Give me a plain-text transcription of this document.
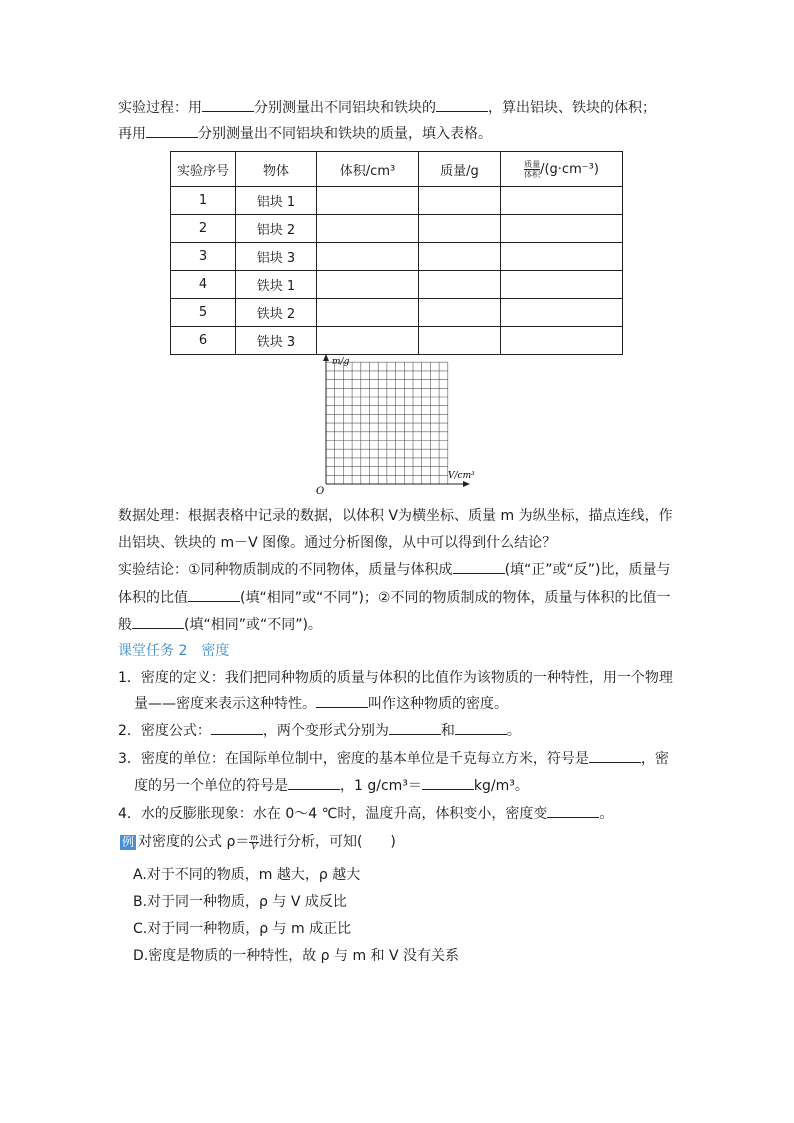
实验过程：用	分别测量出不同铝块和铁块的	，算出铝块、铁块的体积；
再用	分别测量出不同铝块和铁块的质量，填入表格。
实验序号	物体	体积/cm³	质量/g	$\frac{\text{质量}}{\text{体积}} /(g\cdot cm^{-3})$
1	铝块 1			
2	铝块 2			
3	铝块 3			
4	铁块 1			
5	铁块 2			
6	铁块 3			
m/g
V/cm³
O
数据处理：根据表格中记录的数据，以体积 V为横坐标、质量 m 为纵坐标，描点连线，作
出铝块、铁块的 m－V 图像。通过分析图像，从中可以得到什么结论？
实验结论：①同种物质制成的不同物体，质量与体积成	(填“正”或“反”)比，质量与
体积的比值	(填“相同”或“不同”)；②不同的物质制成的物体，质量与体积的比值一
般	(填“相同”或“不同”)。
课堂任务 2　密度
1．密度的定义：我们把同种物质的质量与体积的比值作为该物质的一种特性，用一个物理
量——密度来表示这种特性。	叫作这种物质的密度。
2．密度公式：	，两个变形式分别为	和	。
3．密度的单位：在国际单位制中，密度的基本单位是千克每立方米，符号是	，密
度的另一个单位的符号是	，1 g/cm³＝	kg/m³。
4．水的反膨胀现象：水在 0～4 ℃时，温度升高，体积变小，密度变	。
例 对密度的公式 $\rho= \frac{m}{V}$ 进行分析，可知(　　)
A.对于不同的物质，m 越大，ρ 越大
B.对于同一种物质，ρ 与 V 成反比
C.对于同一种物质，ρ 与 m 成正比
D.密度是物质的一种特性，故 ρ 与 m 和 V 没有关系
